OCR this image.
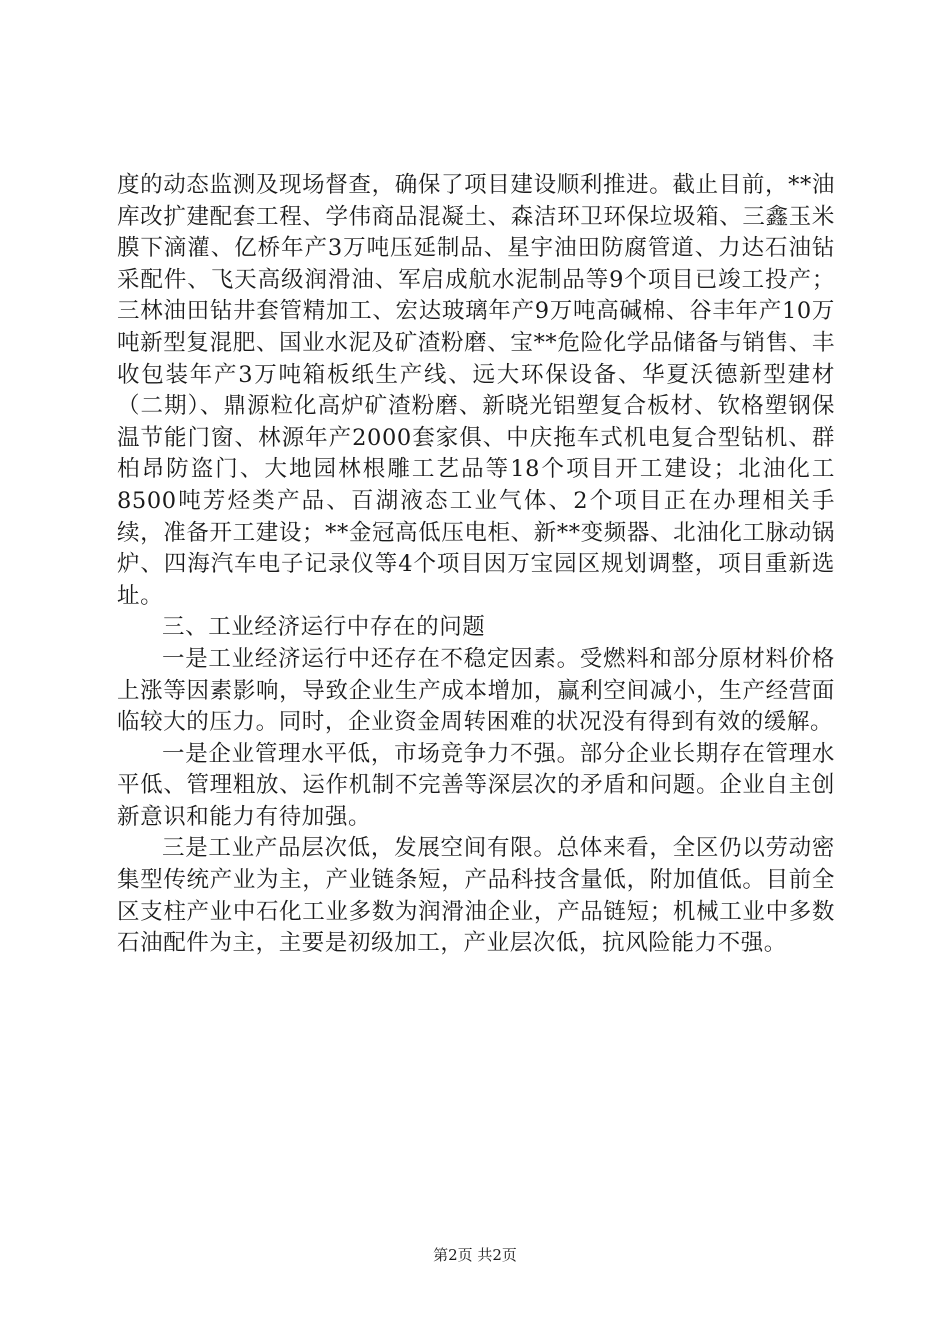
度的动态监测及现场督查，确保了项目建设顺利推进。截止目前，**油库改扩建配套工程、学伟商品混凝土、森洁环卫环保垃圾箱、三鑫玉米膜下滴灌、亿桥年产3万吨压延制品、星宇油田防腐管道、力达石油钻采配件、飞天高级润滑油、军启成航水泥制品等9个项目已竣工投产；三林油田钻井套管精加工、宏达玻璃年产9万吨高碱棉、谷丰年产10万吨新型复混肥、国业水泥及矿渣粉磨、宝**危险化学品储备与销售、丰收包装年产3万吨箱板纸生产线、远大环保设备、华夏沃德新型建材（二期）、鼎源粒化高炉矿渣粉磨、新晓光铝塑复合板材、钦格塑钢保温节能门窗、林源年产2000套家俱、中庆拖车式机电复合型钻机、群柏昂防盗门、大地园林根雕工艺品等18个项目开工建设；北油化工8500吨芳烃类产品、百湖液态工业气体、2个项目正在办理相关手续，准备开工建设；**金冠高低压电柜、新**变频器、北油化工脉动锅炉、四海汽车电子记录仪等4个项目因万宝园区规划调整，项目重新选址。

三、工业经济运行中存在的问题

一是工业经济运行中还存在不稳定因素。受燃料和部分原材料价格上涨等因素影响，导致企业生产成本增加，赢利空间减小，生产经营面临较大的压力。同时，企业资金周转困难的状况没有得到有效的缓解。

一是企业管理水平低，市场竞争力不强。部分企业长期存在管理水平低、管理粗放、运作机制不完善等深层次的矛盾和问题。企业自主创新意识和能力有待加强。

三是工业产品层次低，发展空间有限。总体来看，全区仍以劳动密集型传统产业为主，产业链条短，产品科技含量低，附加值低。目前全区支柱产业中石化工业多数为润滑油企业，产品链短；机械工业中多数石油配件为主，主要是初级加工，产业层次低，抗风险能力不强。

第2页 共2页
